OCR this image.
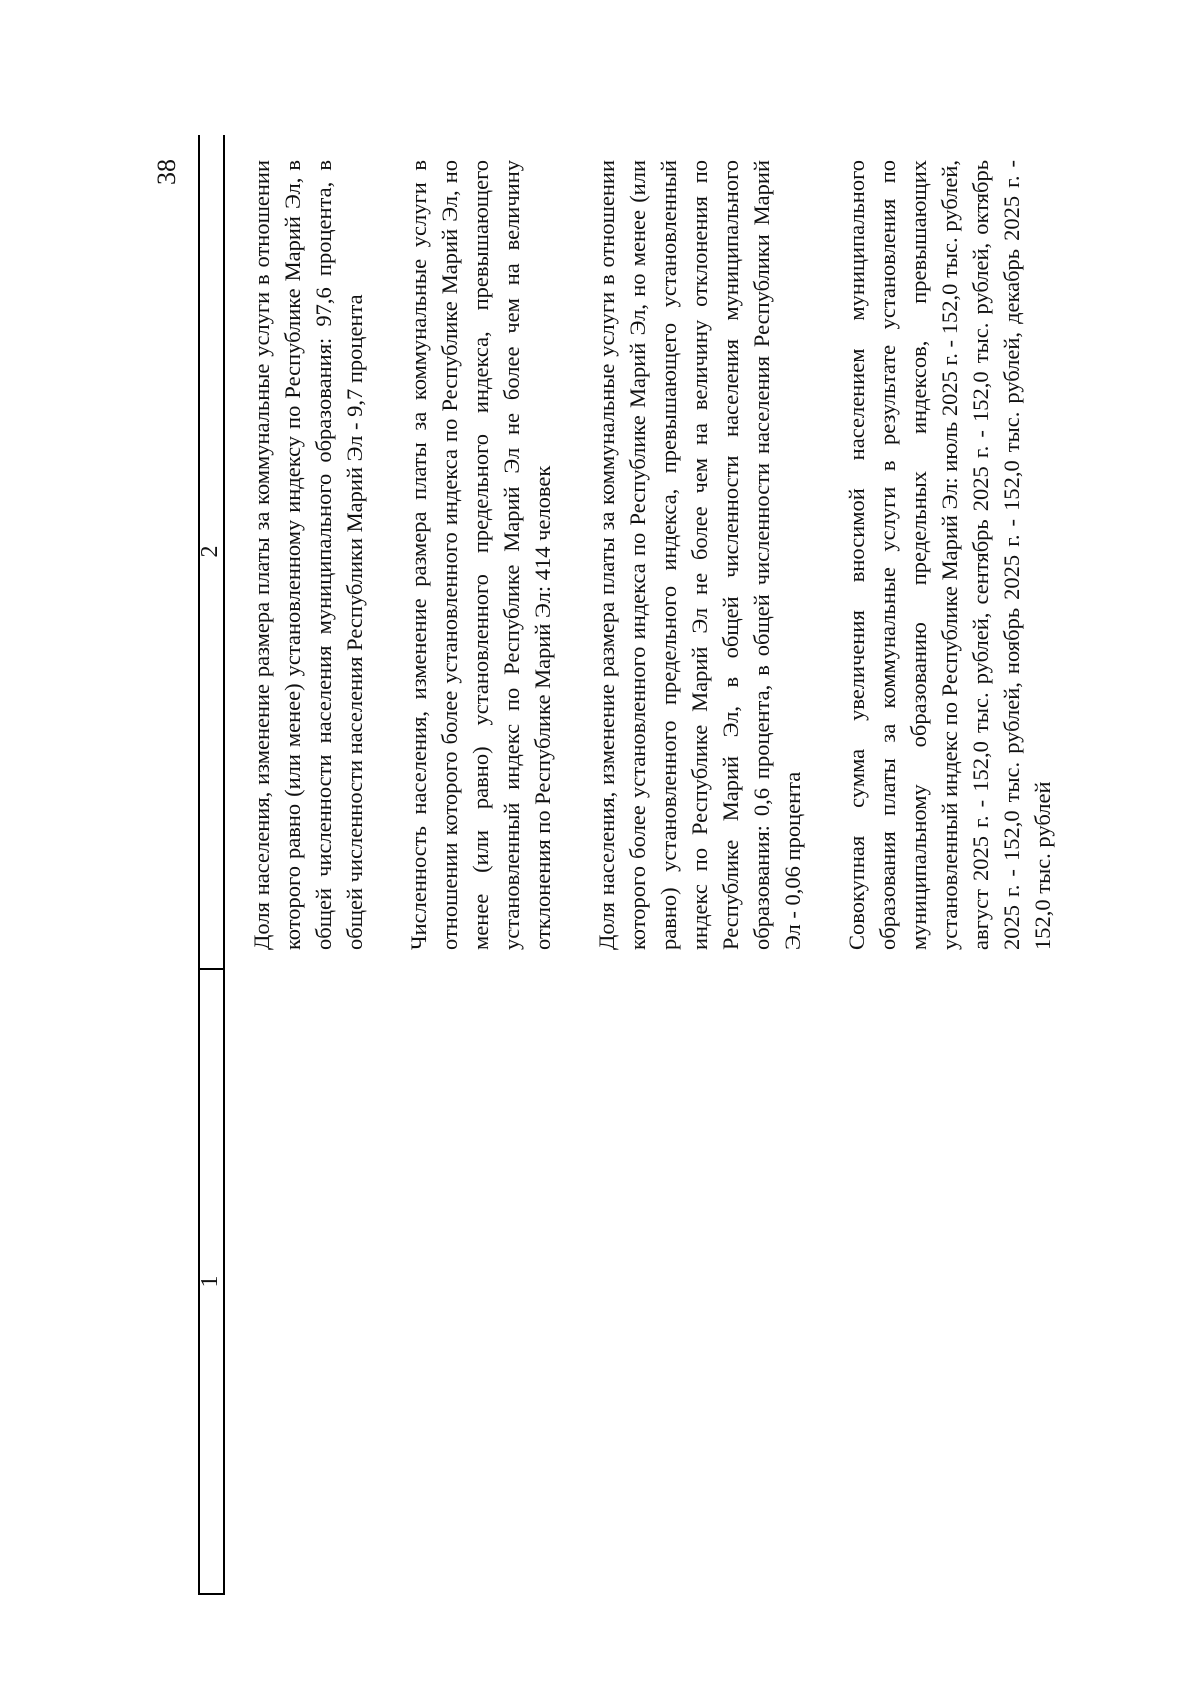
38
1
2 Доля населения, изменение размера платы за коммунальные услуги в отношении которого равно (или менее) установленному индексу по Республике Марий Эл, в общей численности населения муниципального образования: 97,6 процента, в общей численности населения Республики Марий Эл - 9,7 процента Численность населения, изменение размера платы за коммунальные услуги в отношении которого более установленного индекса по Республике Марий Эл, но менее (или равно) установленного предельного индекса, превышающего установленный индекс по Республике Марий Эл не более чем на величину отклонения по Республике Марий Эл: 414 человек Доля населения, изменение размера платы за коммунальные услуги в отношении которого более установленного индекса по Республике Марий Эл, но менее (или равно) установленного предельного индекса, превышающего установленный индекс по Республике Марий Эл не более чем на величину отклонения по Республике Марий Эл, в общей численности населения муниципального образования: 0,6 процента, в общей численности населения Республики Марий Эл - 0,06 процента Совокупная сумма увеличения вносимой населением муниципального образования платы за коммунальные услуги в результате установления по муниципальному образованию предельных индексов, превышающих установленный индекс по Республике Марий Эл: июль 2025 г. - 152,0 тыс. рублей, август 2025 г. - 152,0 тыс. рублей, сентябрь 2025 г. - 152,0 тыс. рублей, октябрь 2025 г. - 152,0 тыс. рублей, ноябрь 2025 г. - 152,0 тыс. рублей, декабрь 2025 г. - 152,0 тыс. рублей
